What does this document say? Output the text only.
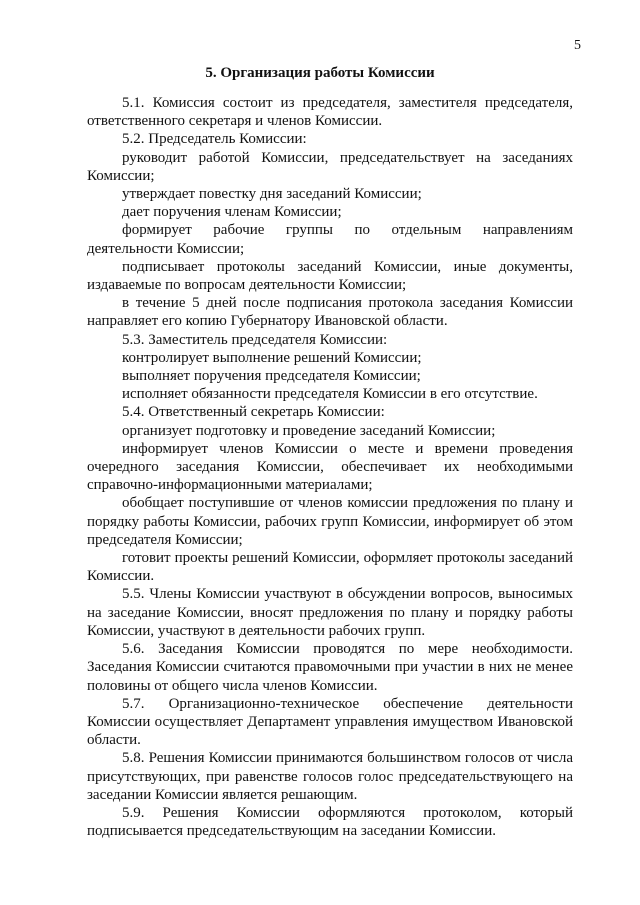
5
5. Организация работы Комиссии

5.1. Комиссия состоит из председателя, заместителя председателя, ответственного секретаря и членов Комиссии.

5.2. Председатель Комиссии:

руководит работой Комиссии, председательствует на заседаниях Комиссии;

утверждает повестку дня заседаний Комиссии;

дает поручения членам Комиссии;

формирует рабочие группы по отдельным направлениям деятельности Комиссии;

подписывает протоколы заседаний Комиссии, иные документы, издаваемые по вопросам деятельности Комиссии;

в течение 5 дней после подписания протокола заседания Комиссии направляет его копию Губернатору Ивановской области.

5.3. Заместитель председателя Комиссии:

контролирует выполнение решений Комиссии;

выполняет поручения председателя Комиссии;

исполняет обязанности председателя Комиссии в его отсутствие.

5.4. Ответственный секретарь Комиссии:

организует подготовку и проведение заседаний Комиссии;

информирует членов Комиссии о месте и времени проведения очередного заседания Комиссии, обеспечивает их необходимыми справочно-информационными материалами;

обобщает поступившие от членов комиссии предложения по плану и порядку работы Комиссии, рабочих групп Комиссии, информирует об этом председателя Комиссии;

готовит проекты решений Комиссии, оформляет протоколы заседаний Комиссии.

5.5. Члены Комиссии участвуют в обсуждении вопросов, выносимых на заседание Комиссии, вносят предложения по плану и порядку работы Комиссии, участвуют в деятельности рабочих групп.

5.6. Заседания Комиссии проводятся по мере необходимости. Заседания Комиссии считаются правомочными при участии в них не менее половины от общего числа членов Комиссии.

5.7. Организационно-техническое обеспечение деятельности Комиссии осуществляет Департамент управления имуществом Ивановской области.

5.8. Решения Комиссии принимаются большинством голосов от числа присутствующих, при равенстве голосов голос председательствующего на заседании Комиссии является решающим.

5.9. Решения Комиссии оформляются протоколом, который подписывается председательствующим на заседании Комиссии.
